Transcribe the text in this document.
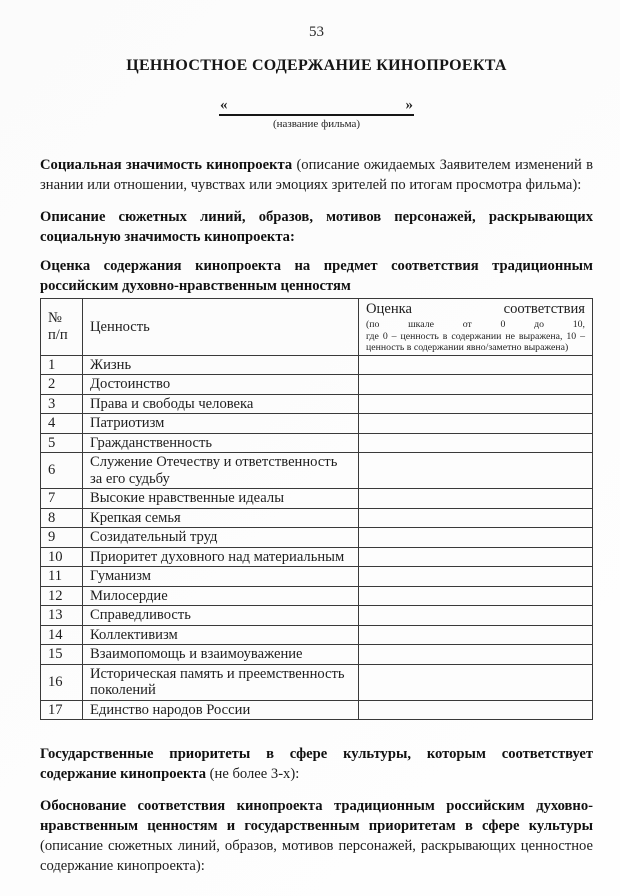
53
ЦЕННОСТНОЕ СОДЕРЖАНИЕ КИНОПРОЕКТА
«	»
(название фильма)

Социальная значимость кинопроекта (описание ожидаемых Заявителем изменений в знании или отношении, чувствах или эмоциях зрителей по итогам просмотра фильма):

Описание сюжетных линий, образов, мотивов персонажей, раскрывающих социальную значимость кинопроекта:

Оценка содержания кинопроекта на предмет соответствия традиционным российским духовно-нравственным ценностям

№ п/п	Ценность	Оценка соответствия
(по шкале от 0 до 10,
где 0 – ценность в содержании не выражена, 10 –
ценность в содержании явно/заметно выражена)

1	Жизнь	
2	Достоинство	
3	Права и свободы человека	
4	Патриотизм	
5	Гражданственность	
6	Служение Отечеству и ответственность за его судьбу	
7	Высокие нравственные идеалы	
8	Крепкая семья	
9	Созидательный труд	
10	Приоритет духовного над материальным	
11	Гуманизм	
12	Милосердие	
13	Справедливость	
14	Коллективизм	
15	Взаимопомощь и взаимоуважение	
16	Историческая память и преемственность поколений	
17	Единство народов России	

Государственные приоритеты в сфере культуры, которым соответствует содержание кинопроекта (не более 3-х):

Обоснование соответствия кинопроекта традиционным российским духовно-нравственным ценностям и государственным приоритетам в сфере культуры (описание сюжетных линий, образов, мотивов персонажей, раскрывающих ценностное содержание кинопроекта):
